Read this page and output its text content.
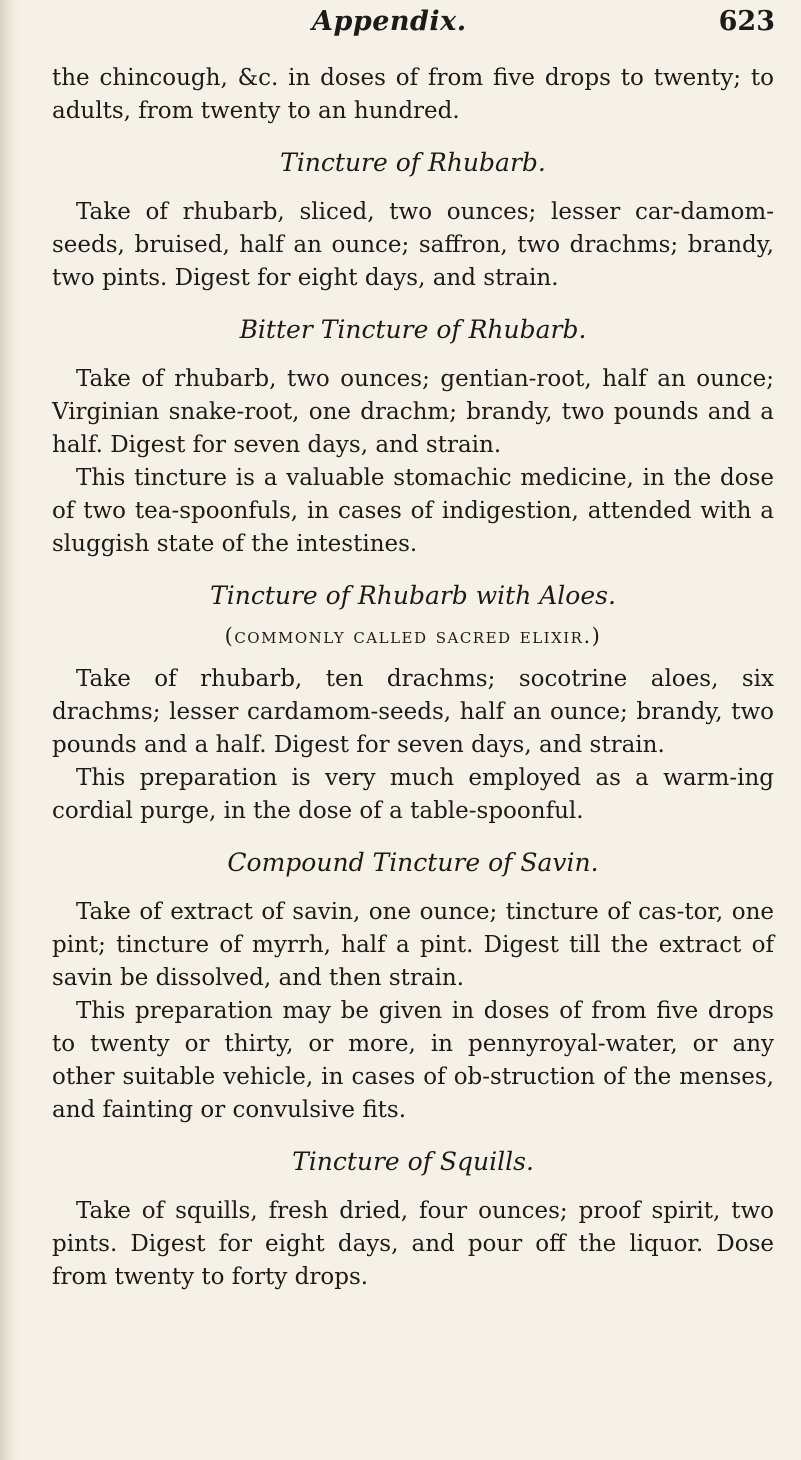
Appendix.	623

the chincough, &c. in doses of from five drops to twenty; to adults, from twenty to an hundred.

Tincture of Rhubarb.

Take of rhubarb, sliced, two ounces; lesser car-damom-seeds, bruised, half an ounce; saffron, two drachms; brandy, two pints. Digest for eight days, and strain.

Bitter Tincture of Rhubarb.

Take of rhubarb, two ounces; gentian-root, half an ounce; Virginian snake-root, one drachm; brandy, two pounds and a half. Digest for seven days, and strain.

This tincture is a valuable stomachic medicine, in the dose of two tea-spoonfuls, in cases of indigestion, attended with a sluggish state of the intestines.

Tincture of Rhubarb with Aloes.
(commonly called sacred elixir.)

Take of rhubarb, ten drachms; socotrine aloes, six drachms; lesser cardamom-seeds, half an ounce; brandy, two pounds and a half. Digest for seven days, and strain.

This preparation is very much employed as a warm-ing cordial purge, in the dose of a table-spoonful.

Compound Tincture of Savin.

Take of extract of savin, one ounce; tincture of cas-tor, one pint; tincture of myrrh, half a pint. Digest till the extract of savin be dissolved, and then strain.

This preparation may be given in doses of from five drops to twenty or thirty, or more, in pennyroyal-water, or any other suitable vehicle, in cases of ob-struction of the menses, and fainting or convulsive fits.

Tincture of Squills.

Take of squills, fresh dried, four ounces; proof spirit, two pints. Digest for eight days, and pour off the liquor. Dose from twenty to forty drops.
